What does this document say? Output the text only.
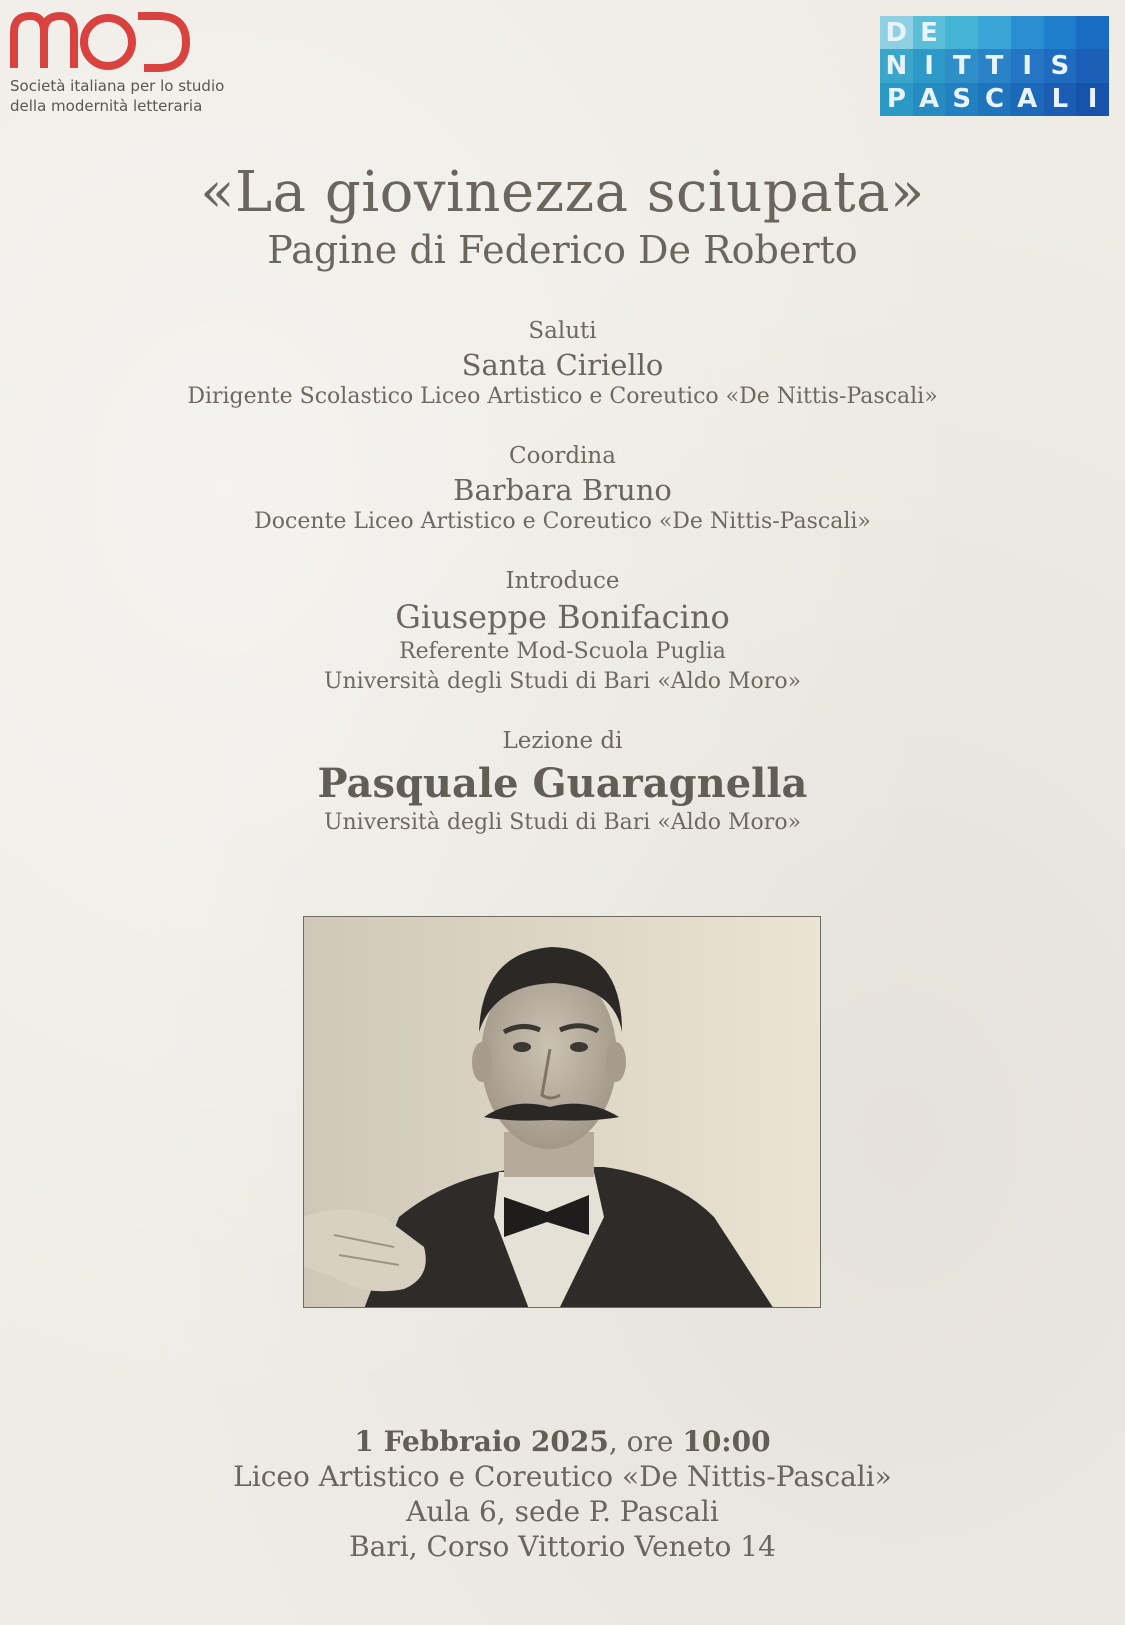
Società italiana per lo studio
della modernità letteraria
D E
N I T T I S
P A S C A L I
«La giovinezza sciupata»
Pagine di Federico De Roberto
Saluti
Santa Ciriello
Dirigente Scolastico Liceo Artistico e Coreutico «De Nittis-Pascali»
Coordina
Barbara Bruno
Docente Liceo Artistico e Coreutico «De Nittis-Pascali»
Introduce
Giuseppe Bonifacino
Referente Mod-Scuola Puglia
Università degli Studi di Bari «Aldo Moro»
Lezione di
Pasquale Guaragnella
Università degli Studi di Bari «Aldo Moro»
1 Febbraio 2025, ore 10:00
Liceo Artistico e Coreutico «De Nittis-Pascali»
Aula 6, sede P. Pascali
Bari, Corso Vittorio Veneto 14
